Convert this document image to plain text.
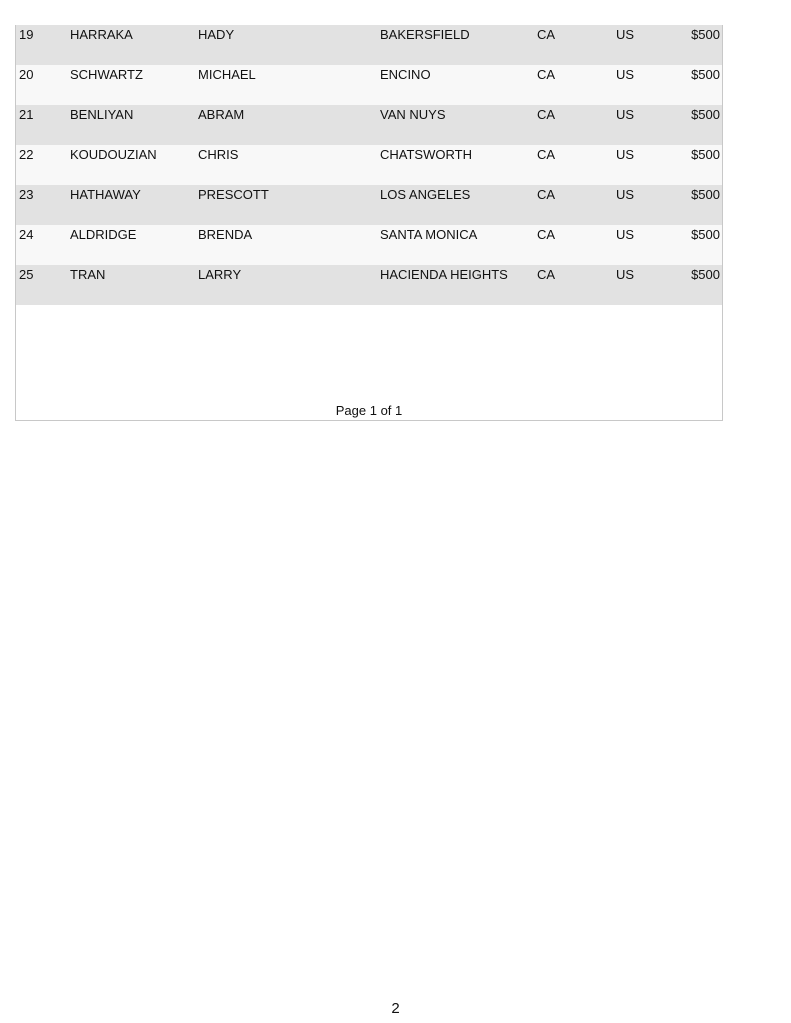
19	HARRAKA	HADY	BAKERSFIELD	CA	US	$500
20	SCHWARTZ	MICHAEL	ENCINO	CA	US	$500
21	BENLIYAN	ABRAM	VAN NUYS	CA	US	$500
22	KOUDOUZIAN	CHRIS	CHATSWORTH	CA	US	$500
23	HATHAWAY	PRESCOTT	LOS ANGELES	CA	US	$500
24	ALDRIDGE	BRENDA	SANTA MONICA	CA	US	$500
25	TRAN	LARRY	HACIENDA HEIGHTS CA	US	$500
Page 1 of 1
2
